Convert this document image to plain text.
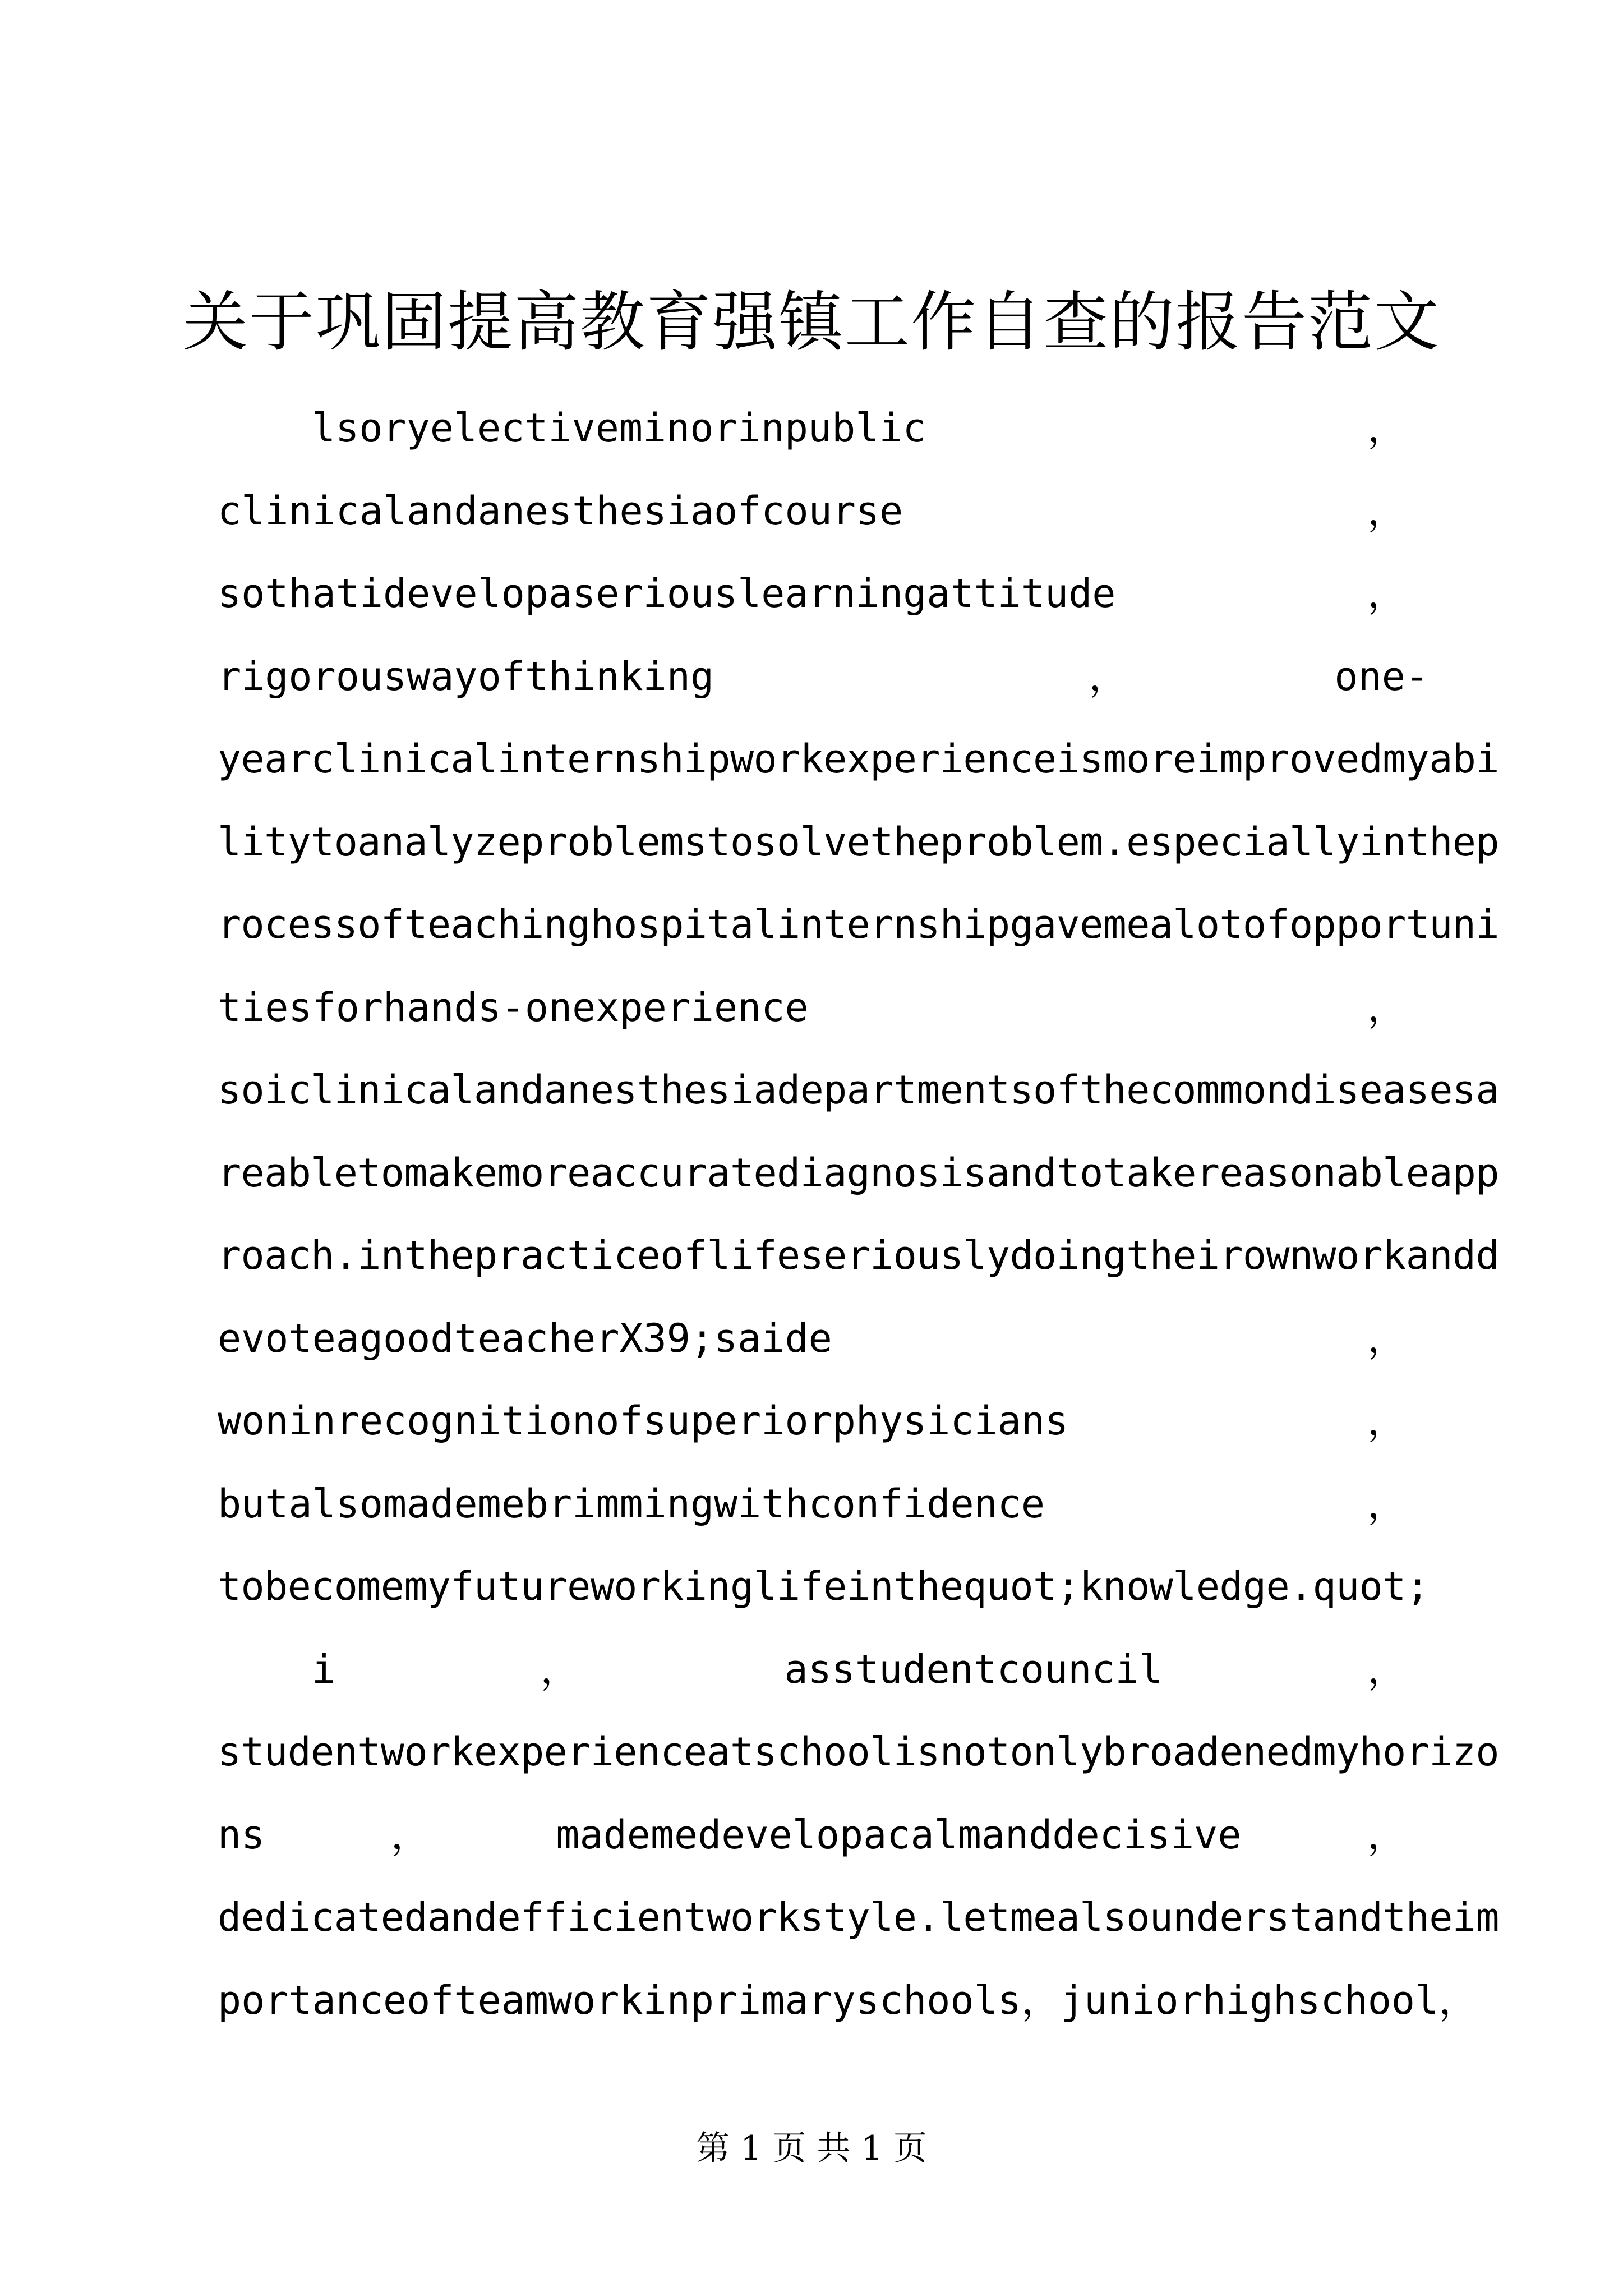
关于巩固提高教育强镇工作自查的报告范文
lsoryelectiveminorinpublic	，
clinicalandanesthesiaofcourse	，
sothatidevelopaseriouslearningattitude	，
rigorouswayofthinking	，	one-
yearclinicalinternshipworkexperienceismoreimprovedmyabi
litytoanalyzeproblemstosolvetheproblem.especiallyinthep
rocessofteachinghospitalinternshipgavemealotofopportuni
tiesforhands-onexperience	，
soiclinicalandanesthesiadepartmentsofthecommondiseasesa
reabletomakemoreaccuratediagnosisandtotakereasonableapp
roach.inthepracticeoflifeseriouslydoingtheirownworkandd
evoteagoodteacherX39;saide	，
woninrecognitionofsuperiorphysicians	，
butalsomademebrimmingwithconfidence	，
tobecomemyfutureworkinglifeinthequot;knowledge.quot;
i	，	asstudentcouncil	，
studentworkexperienceatschoolisnotonlybroadenedmyhorizo
ns	，	mademedevelopacalmanddecisive	，
dedicatedandefficientworkstyle.letmealsounderstandtheim
portanceofteamworkinprimaryschools， juniorhighschool，
第 1 页 共 1 页
